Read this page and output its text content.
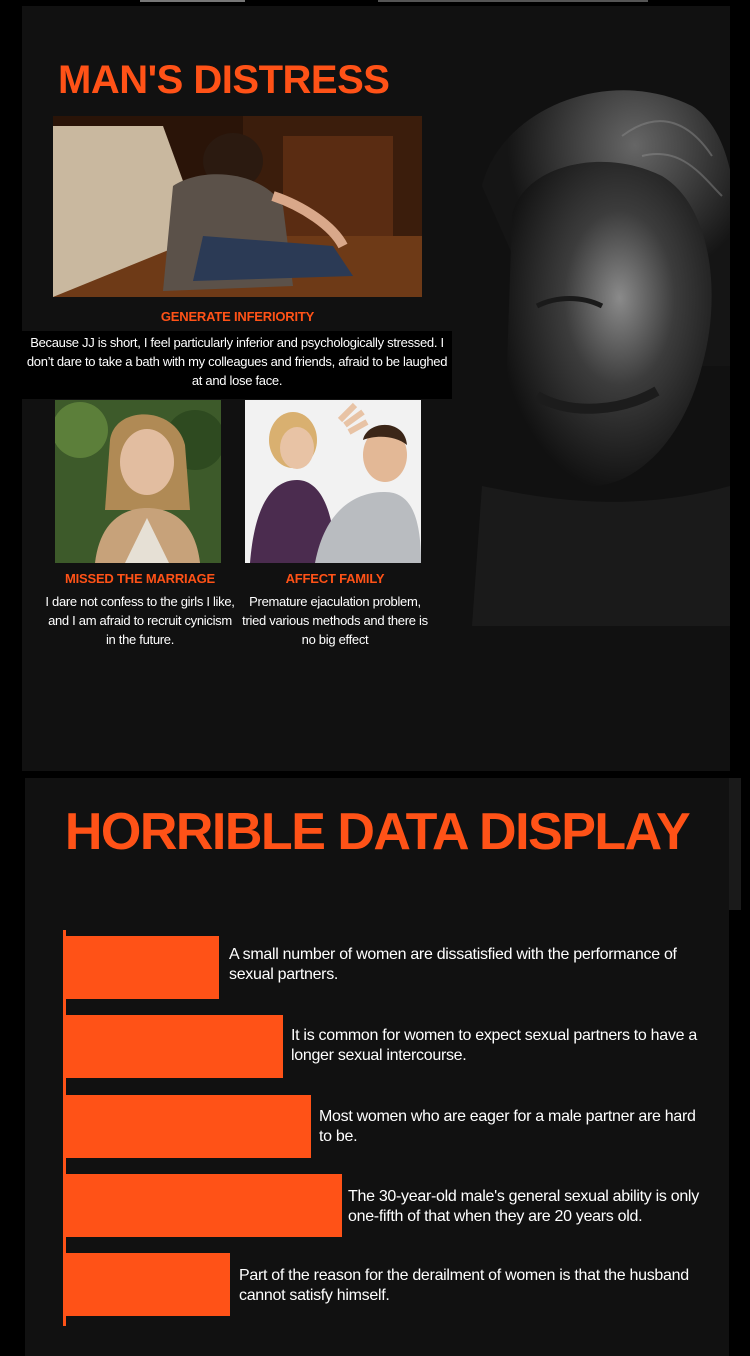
MAN'S DISTRESS
GENERATE INFERIORITY
Because JJ is short, I feel particularly inferior and psychologically stressed. I don’t dare to take a bath with my colleagues and friends, afraid to be laughed at and lose face.
MISSED THE MARRIAGE
I dare not confess to the girls I like, and I am afraid to recruit cynicism in the future.
AFFECT FAMILY
Premature ejaculation problem, tried various methods and there is no big effect
HORRIBLE DATA DISPLAY
A small number of women are dissatisfied with the performance of sexual partners.
It is common for women to expect sexual partners to have a longer sexual intercourse.
Most women who are eager for a male partner are hard to be.
The 30-year-old male's general sexual ability is only one-fifth of that when they are 20 years old.
Part of the reason for the derailment of women is that the husband cannot satisfy himself.
